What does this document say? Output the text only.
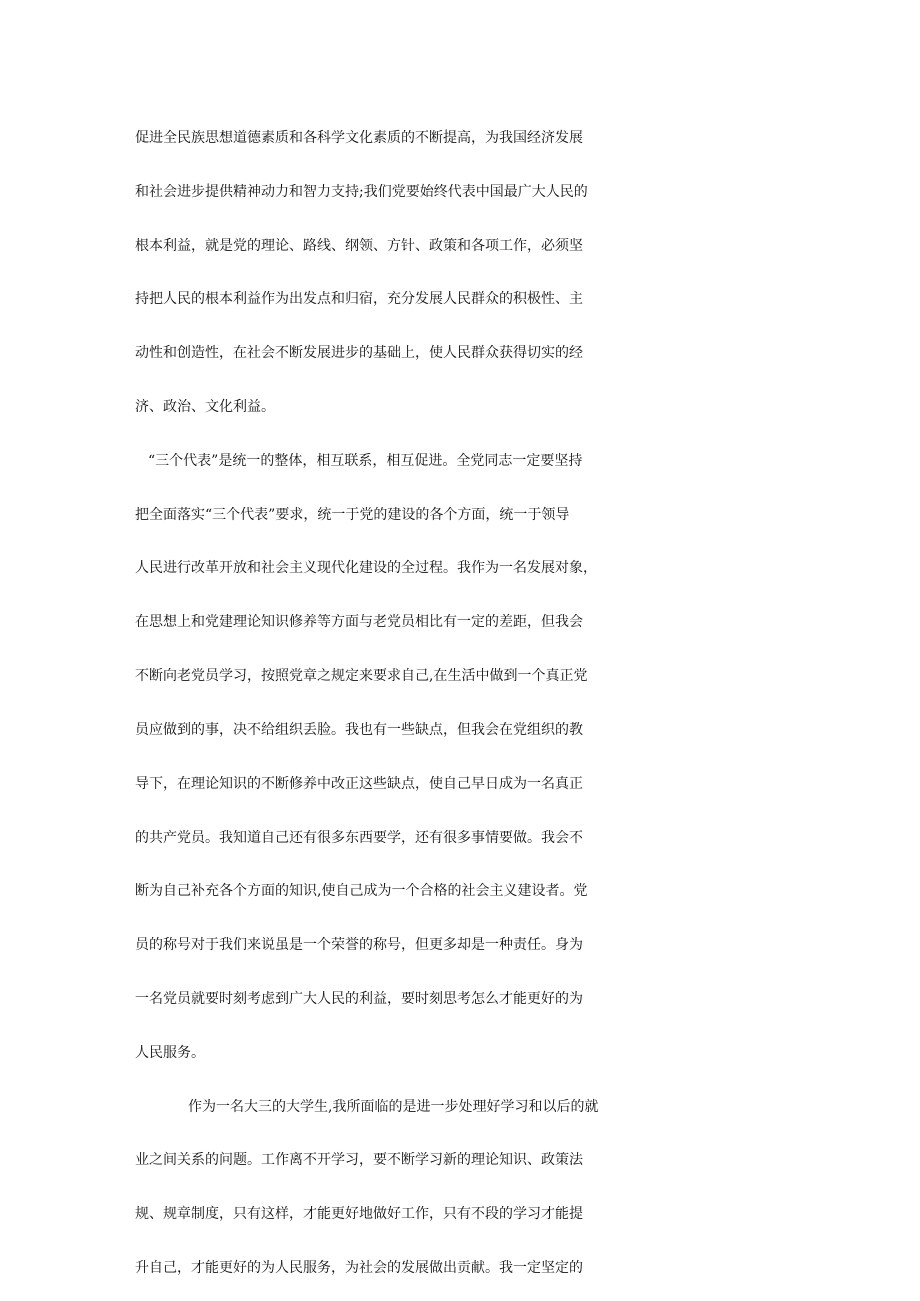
促进全民族思想道德素质和各科学文化素质的不断提高，为我国经济发展
和社会进步提供精神动力和智力支持;我们党要始终代表中国最广大人民的
根本利益，就是党的理论、路线、纲领、方针、政策和各项工作，必须坚
持把人民的根本利益作为出发点和归宿，充分发展人民群众的积极性、主
动性和创造性，在社会不断发展进步的基础上，使人民群众获得切实的经
济、政治、文化利益。
“三个代表”是统一的整体，相互联系，相互促进。全党同志一定要坚持
把全面落实“三个代表”要求，统一于党的建设的各个方面，统一于领导
人民进行改革开放和社会主义现代化建设的全过程。我作为一名发展对象，
在思想上和党建理论知识修养等方面与老党员相比有一定的差距，但我会
不断向老党员学习，按照党章之规定来要求自己,在生活中做到一个真正党
员应做到的事，决不给组织丢脸。我也有一些缺点，但我会在党组织的教
导下，在理论知识的不断修养中改正这些缺点，使自己早日成为一名真正
的共产党员。我知道自己还有很多东西要学，还有很多事情要做。我会不
断为自己补充各个方面的知识,使自己成为一个合格的社会主义建设者。党
员的称号对于我们来说虽是一个荣誉的称号，但更多却是一种责任。身为
一名党员就要时刻考虑到广大人民的利益，要时刻思考怎么才能更好的为
人民服务。
作为一名大三的大学生,我所面临的是进一步处理好学习和以后的就
业之间关系的问题。工作离不开学习，要不断学习新的理论知识、政策法
规、规章制度，只有这样，才能更好地做好工作，只有不段的学习才能提
升自己，才能更好的为人民服务，为社会的发展做出贡献。我一定坚定的
